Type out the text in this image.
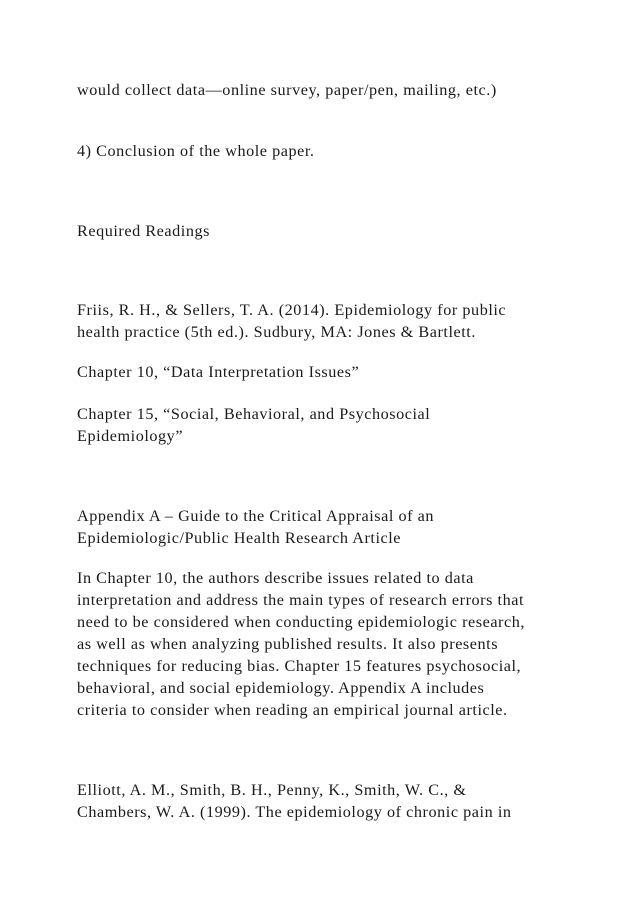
would collect data—online survey, paper/pen, mailing, etc.)
4) Conclusion of the whole paper.
Required Readings
Friis, R. H., & Sellers, T. A. (2014). Epidemiology for public
health practice (5th ed.). Sudbury, MA: Jones & Bartlett.
Chapter 10, “Data Interpretation Issues”
Chapter 15, “Social, Behavioral, and Psychosocial
Epidemiology”
Appendix A – Guide to the Critical Appraisal of an
Epidemiologic/Public Health Research Article
In Chapter 10, the authors describe issues related to data
interpretation and address the main types of research errors that
need to be considered when conducting epidemiologic research,
as well as when analyzing published results. It also presents
techniques for reducing bias. Chapter 15 features psychosocial,
behavioral, and social epidemiology. Appendix A includes
criteria to consider when reading an empirical journal article.
Elliott, A. M., Smith, B. H., Penny, K., Smith, W. C., &
Chambers, W. A. (1999). The epidemiology of chronic pain in
